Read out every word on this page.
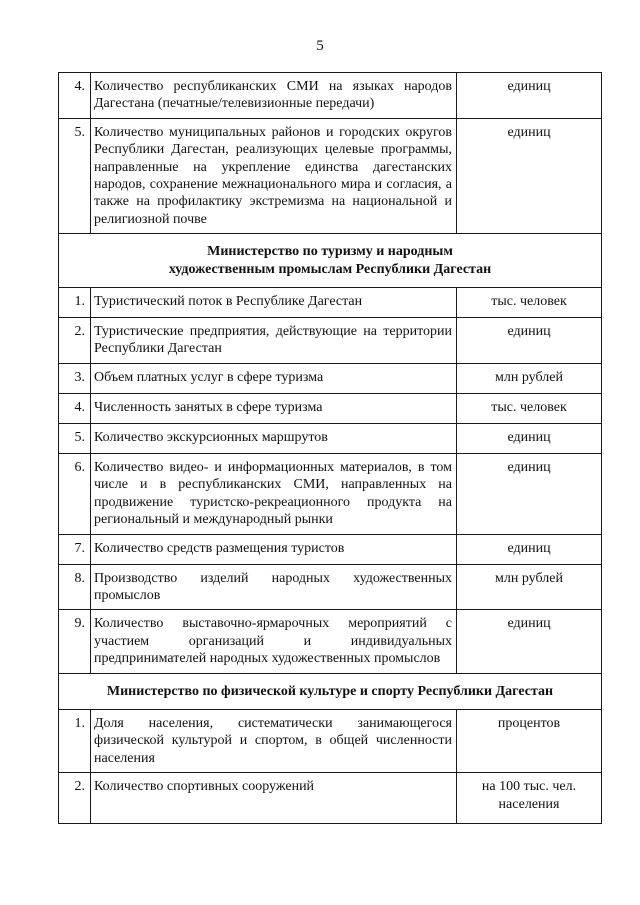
5
4.	Количество республиканских СМИ на языках народов Дагестана (печатные/телевизионные передачи)	единиц
5.	Количество муниципальных районов и городских округов Республики Дагестан, реализующих целевые программы, направленные на укрепление единства дагестанских народов, сохранение межнационального мира и согласия, а также на профилактику экстремизма на национальной и религиозной почве	единиц
Министерство по туризму и народным
художественным промыслам Республики Дагестан		
1.	Туристический поток в Республике Дагестан	тыс. человек
2.	Туристические предприятия, действующие на территории Республики Дагестан	единиц
3.	Объем платных услуг в сфере туризма	млн рублей
4.	Численность занятых в сфере туризма	тыс. человек
5.	Количество экскурсионных маршрутов	единиц
6.	Количество видео- и информационных материалов, в том числе и в республиканских СМИ, направленных на продвижение туристско-рекреационного продукта на региональный и международный рынки	единиц
7.	Количество средств размещения туристов	единиц
8.	Производство изделий народных художественных промыслов	млн рублей
9.	Количество выставочно-ярмарочных мероприятий с участием организаций и индивидуальных предпринимателей народных художественных промыслов	единиц
Министерство по физической культуре и спорту Республики Дагестан		
1.	Доля населения, систематически занимающегося физической культурой и спортом, в общей численности населения	процентов
2.	Количество спортивных сооружений	на 100 тыс. чел.
населения
